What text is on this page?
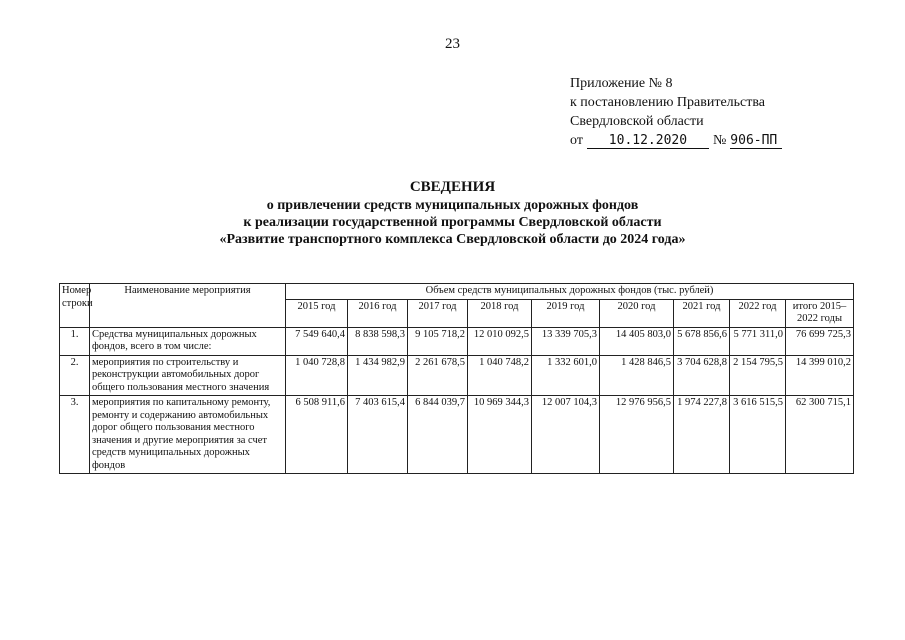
23
Приложение № 8
к постановлению Правительства
Свердловской области
от	10.12.2020	№ 906-ПП
СВЕДЕНИЯ
о привлечении средств муниципальных дорожных фондов
к реализации государственной программы Свердловской области
«Развитие транспортного комплекса Свердловской области до 2024 года»
Номер строки	Наименование мероприятия	Объем средств муниципальных дорожных фондов (тыс. рублей)								
		2015 год	2016 год	2017 год	2018 год	2019 год	2020 год	2021 год	2022 год	итого 2015–2022 годы
1.	Средства муниципальных дорожных фондов, всего в том числе:	7 549 640,4	8 838 598,3	9 105 718,2	12 010 092,5	13 339 705,3	14 405 803,0	5 678 856,6	5 771 311,0	76 699 725,3
2.	мероприятия по строительству и реконструкции автомобильных дорог общего пользования местного значения	1 040 728,8	1 434 982,9	2 261 678,5	1 040 748,2	1 332 601,0	1 428 846,5	3 704 628,8	2 154 795,5	14 399 010,2
3.	мероприятия по капитальному ремонту, ремонту и содержанию автомобильных дорог общего пользования местного значения и другие мероприятия за счет средств муниципальных дорожных фондов	6 508 911,6	7 403 615,4	6 844 039,7	10 969 344,3	12 007 104,3	12 976 956,5	1 974 227,8	3 616 515,5	62 300 715,1
